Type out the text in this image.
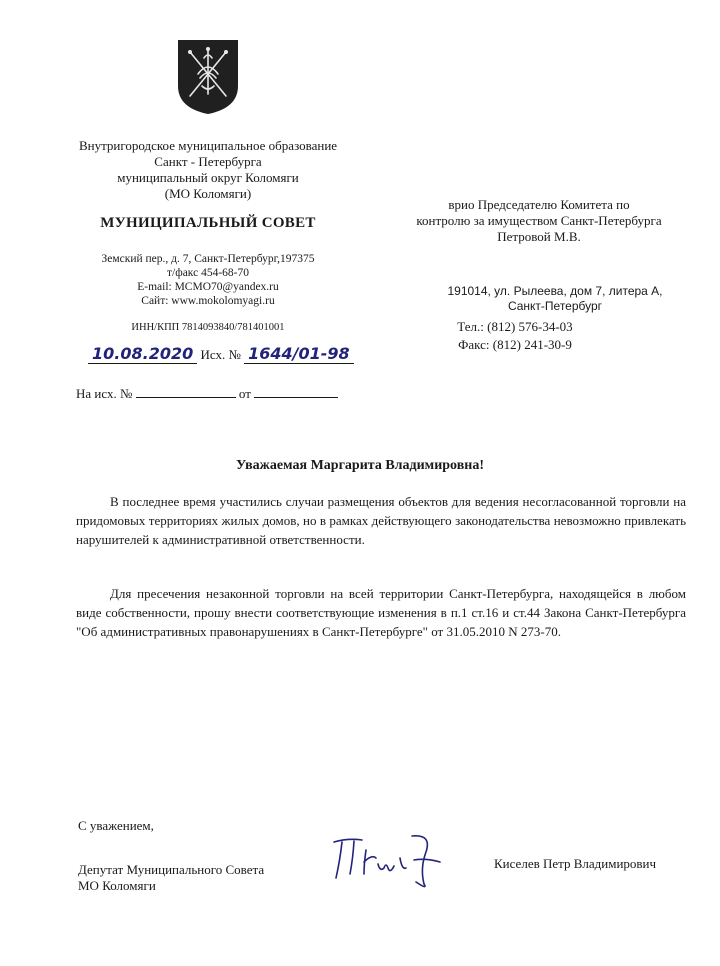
Внутригородское муниципальное образование
Санкт - Петербурга
муниципальный округ Коломяги
(МО Коломяги)
МУНИЦИПАЛЬНЫЙ СОВЕТ
Земский пер., д. 7, Санкт-Петербург,197375
т/факс 454-68-70
E-mail: MCMO70@yandex.ru
Сайт: www.mokolomyagi.ru
ИНН/КПП 7814093840/781401001
10.08.2020 Исх. № 1644/01-98
На исх. №	от
врио Председателю Комитета по
контролю за имуществом Санкт-Петербурга
Петровой М.В.
191014, ул. Рылеева, дом 7, литера А,
Санкт-Петербург
Тел.: (812) 576-34-03
Факс: (812) 241-30-9
Уважаемая Маргарита Владимировна!
В последнее время участились случаи размещения объектов для ведения несогласованной торговли на придомовых территориях жилых домов, но в рамках действующего законодательства невозможно привлекать нарушителей к административной ответственности.
Для пресечения незаконной торговли на всей территории Санкт-Петербурга, находящейся в любом виде собственности, прошу внести соответствующие изменения в п.1 ст.16 и ст.44 Закона Санкт-Петербурга "Об административных правонарушениях в Санкт-Петербурге" от 31.05.2010 N 273-70.
С уважением,
Депутат Муниципального Совета
МО Коломяги
Киселев Петр Владимирович
